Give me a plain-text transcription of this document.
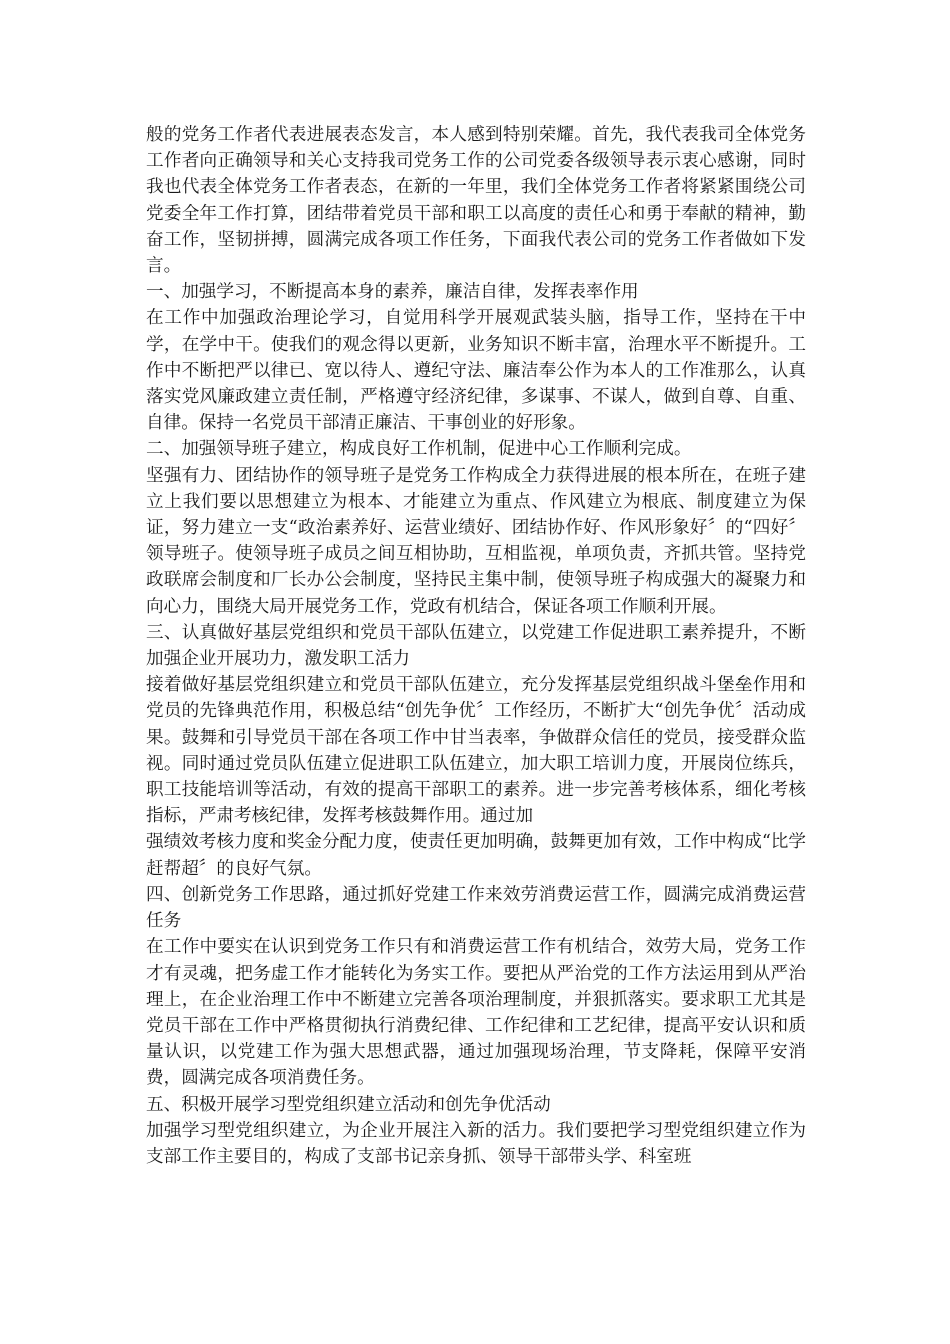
般的党务工作者代表进展表态发言，本人感到特别荣耀。首先，我代表我司全体党务工作者向正确领导和关心支持我司党务工作的公司党委各级领导表示衷心感谢，同时我也代表全体党务工作者表态，在新的一年里，我们全体党务工作者将紧紧围绕公司党委全年工作打算，团结带着党员干部和职工以高度的责任心和勇于奉献的精神，勤奋工作，坚韧拼搏，圆满完成各项工作任务，下面我代表公司的党务工作者做如下发言。

一、加强学习，不断提高本身的素养，廉洁自律，发挥表率作用

在工作中加强政治理论学习，自觉用科学开展观武装头脑，指导工作，坚持在干中学，在学中干。使我们的观念得以更新，业务知识不断丰富，治理水平不断提升。工作中不断把严以律已、宽以待人、遵纪守法、廉洁奉公作为本人的工作准那么，认真落实党风廉政建立责任制，严格遵守经济纪律，多谋事、不谋人，做到自尊、自重、自律。保持一名党员干部清正廉洁、干事创业的好形象。

二、加强领导班子建立，构成良好工作机制，促进中心工作顺利完成。

坚强有力、团结协作的领导班子是党务工作构成全力获得进展的根本所在，在班子建立上我们要以思想建立为根本、才能建立为重点、作风建立为根底、制度建立为保证，努力建立一支“政治素养好、运营业绩好、团结协作好、作风形象好〞的“四好〞领导班子。使领导班子成员之间互相协助，互相监视，单项负责，齐抓共管。坚持党政联席会制度和厂长办公会制度，坚持民主集中制，使领导班子构成强大的凝聚力和向心力，围绕大局开展党务工作，党政有机结合，保证各项工作顺利开展。

三、认真做好基层党组织和党员干部队伍建立，以党建工作促进职工素养提升，不断加强企业开展功力，激发职工活力

接着做好基层党组织建立和党员干部队伍建立，充分发挥基层党组织战斗堡垒作用和党员的先锋典范作用，积极总结“创先争优〞工作经历，不断扩大“创先争优〞活动成果。鼓舞和引导党员干部在各项工作中甘当表率，争做群众信任的党员，接受群众监视。同时通过党员队伍建立促进职工队伍建立，加大职工培训力度，开展岗位练兵，职工技能培训等活动，有效的提高干部职工的素养。进一步完善考核体系，细化考核指标，严肃考核纪律，发挥考核鼓舞作用。通过加

强绩效考核力度和奖金分配力度，使责任更加明确，鼓舞更加有效，工作中构成“比学赶帮超〞的良好气氛。

四、创新党务工作思路，通过抓好党建工作来效劳消费运营工作，圆满完成消费运营任务

在工作中要实在认识到党务工作只有和消费运营工作有机结合，效劳大局，党务工作才有灵魂，把务虚工作才能转化为务实工作。要把从严治党的工作方法运用到从严治理上，在企业治理工作中不断建立完善各项治理制度，并狠抓落实。要求职工尤其是党员干部在工作中严格贯彻执行消费纪律、工作纪律和工艺纪律，提高平安认识和质量认识，以党建工作为强大思想武器，通过加强现场治理，节支降耗，保障平安消费，圆满完成各项消费任务。

五、积极开展学习型党组织建立活动和创先争优活动

加强学习型党组织建立，为企业开展注入新的活力。我们要把学习型党组织建立作为支部工作主要目的，构成了支部书记亲身抓、领导干部带头学、科室班
